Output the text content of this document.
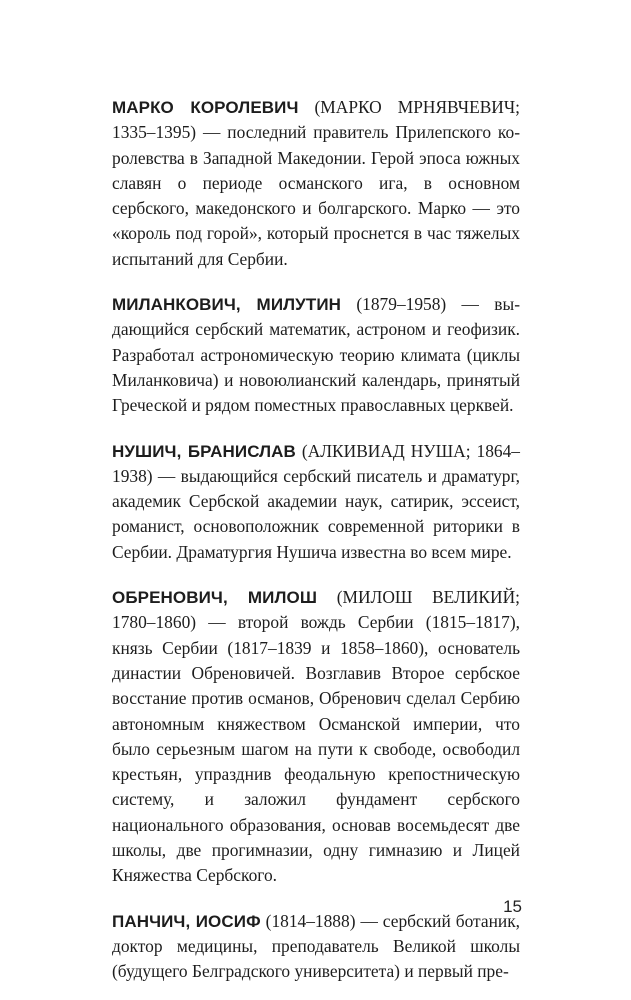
МАРКО КОРОЛЕВИЧ (МАРКО МРНЯВЧЕВИЧ; 1335–1395) — последний правитель Прилепского королевства в Западной Македонии. Герой эпоса южных славян о периоде османского ига, в основном сербского, македонского и болгарского. Марко — это «король под горой», который проснется в час тяжелых испытаний для Сербии.

МИЛАНКОВИЧ, МИЛУТИН (1879–1958) — выдающийся сербский математик, астроном и геофизик. Разработал астрономическую теорию климата (циклы Миланковича) и новоюлианский календарь, принятый Греческой и рядом поместных православных церквей.

НУШИЧ, БРАНИСЛАВ (АЛКИВИАД НУША; 1864–1938) — выдающийся сербский писатель и драматург, академик Сербской академии наук, сатирик, эссеист, романист, основоположник современной риторики в Сербии. Драматургия Нушича известна во всем мире.

ОБРЕНОВИЧ, МИЛОШ (МИЛОШ ВЕЛИКИЙ; 1780–1860) — второй вождь Сербии (1815–1817), князь Сербии (1817–1839 и 1858–1860), основатель династии Обреновичей. Возглавив Второе сербское восстание против османов, Обренович сделал Сербию автономным княжеством Османской империи, что было серьезным шагом на пути к свободе, освободил крестьян, упразднив феодальную крепостническую систему, и заложил фундамент сербского национального образования, основав восемьдесят две школы, две прогимназии, одну гимназию и Лицей Княжества Сербского.

ПАНЧИЧ, ИОСИФ (1814–1888) — сербский ботаник, доктор медицины, преподаватель Великой школы (будущего Белградского университета) и первый пре-

15
